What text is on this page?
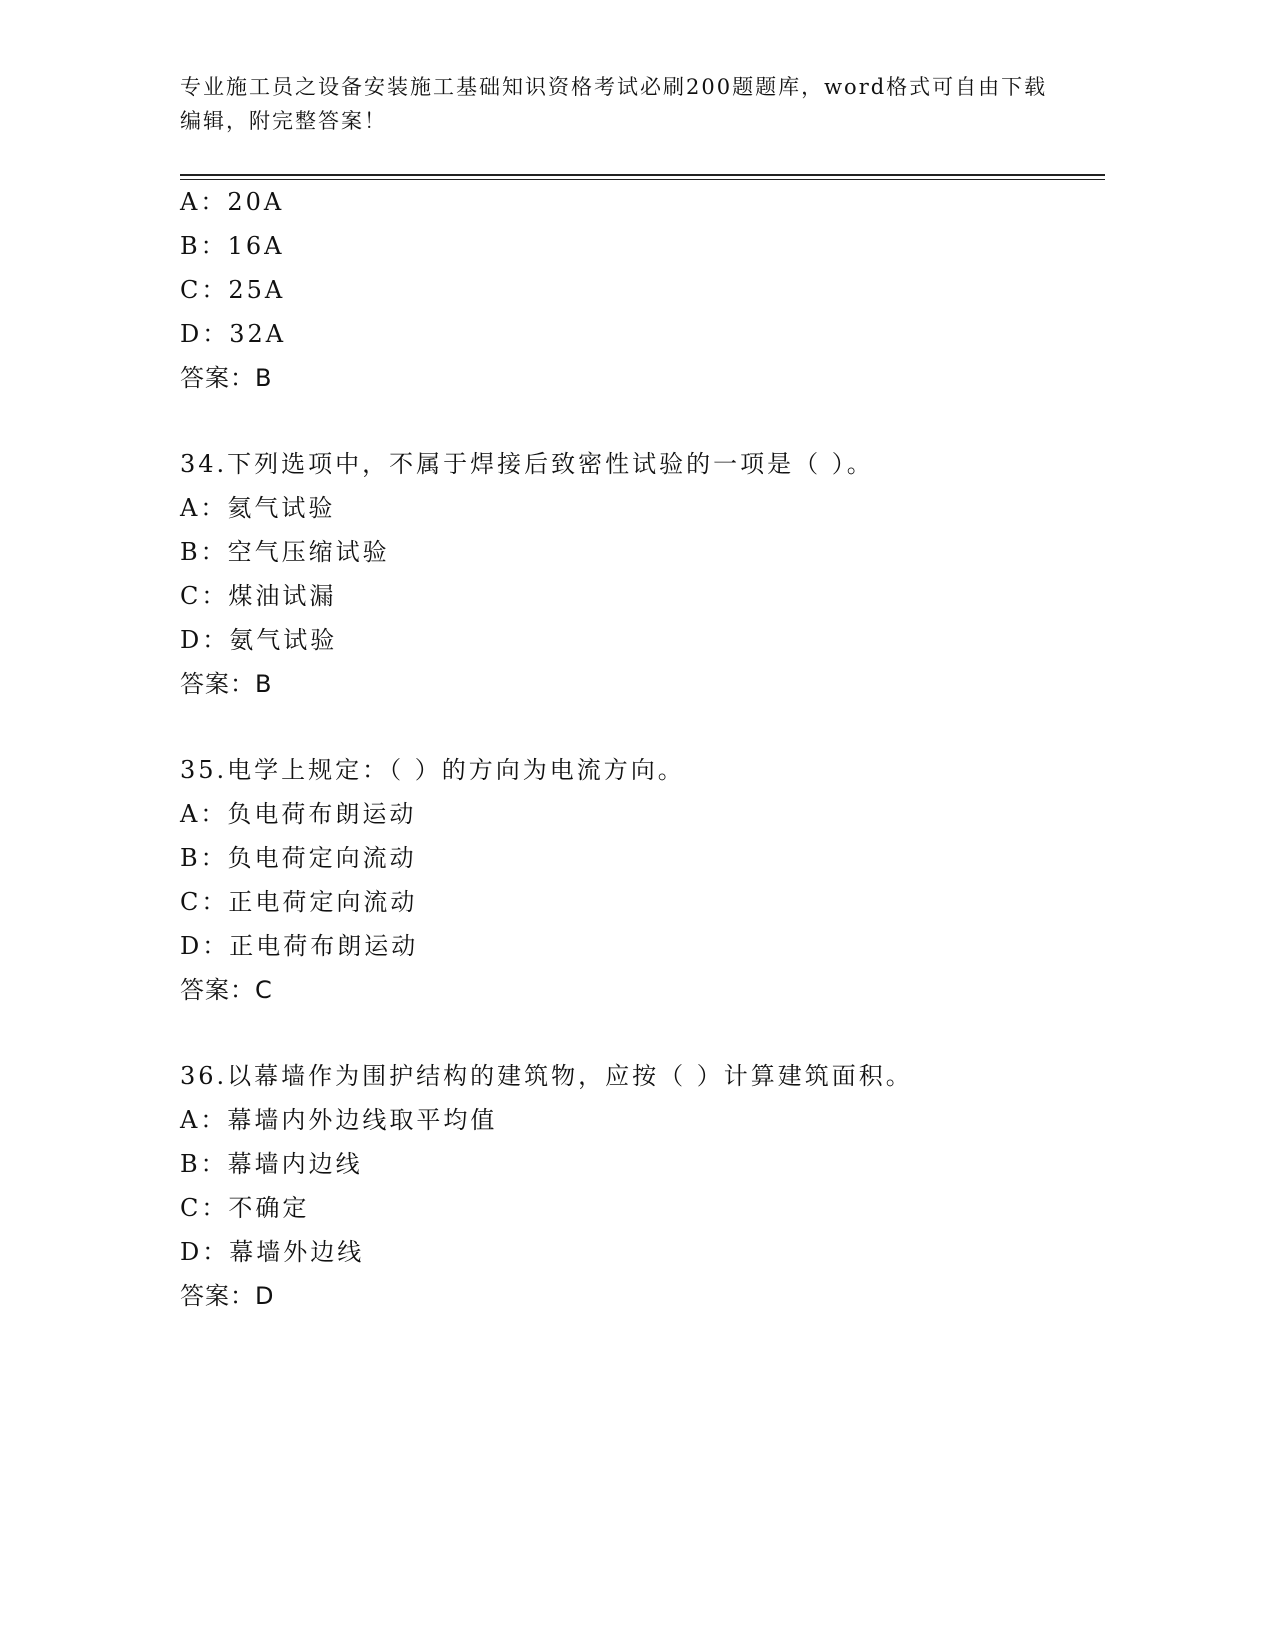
专业施工员之设备安装施工基础知识资格考试必刷200题题库，word格式可自由下载编辑，附完整答案！
A：20A
B：16A
C：25A
D：32A
答案：B
34.下列选项中，不属于焊接后致密性试验的一项是（ ）。
A：氦气试验
B：空气压缩试验
C：煤油试漏
D：氨气试验
答案：B
35.电学上规定：（ ）的方向为电流方向。
A：负电荷布朗运动
B：负电荷定向流动
C：正电荷定向流动
D：正电荷布朗运动
答案：C
36.以幕墙作为围护结构的建筑物，应按（ ）计算建筑面积。
A：幕墙内外边线取平均值
B：幕墙内边线
C：不确定
D：幕墙外边线
答案：D
